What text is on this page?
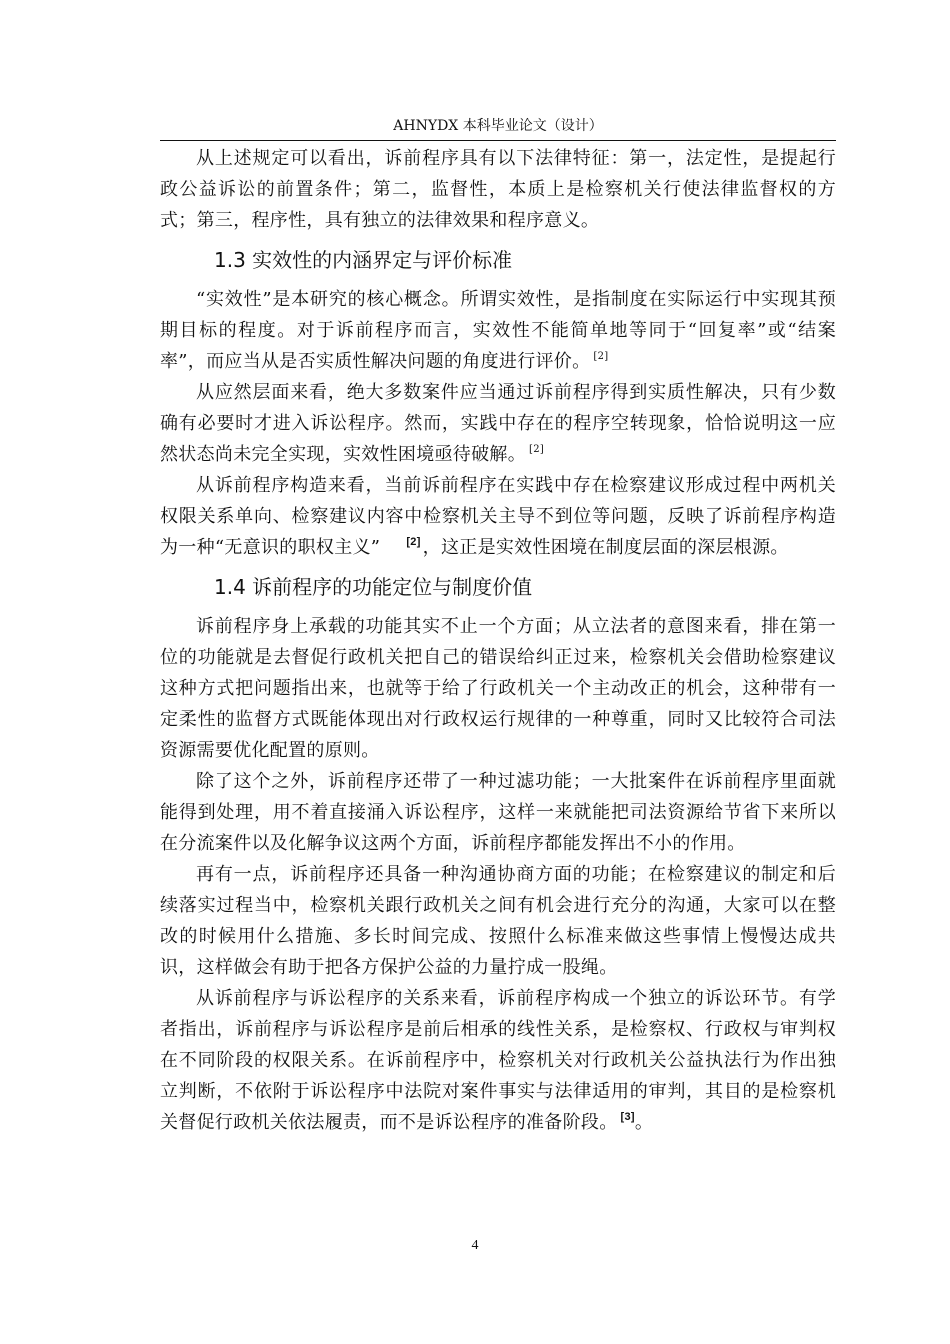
AHNYDX 本科毕业论文（设计）

从上述规定可以看出，诉前程序具有以下法律特征：第一，法定性，是提起行政公益诉讼的前置条件；第二，监督性，本质上是检察机关行使法律监督权的方式；第三，程序性，具有独立的法律效果和程序意义。

1.3 实效性的内涵界定与评价标准

“实效性”是本研究的核心概念。所谓实效性，是指制度在实际运行中实现其预期目标的程度。对于诉前程序而言，实效性不能简单地等同于“回复率”或“结案率”，而应当从是否实质性解决问题的角度进行评价。 [2]

从应然层面来看，绝大多数案件应当通过诉前程序得到实质性解决，只有少数确有必要时才进入诉讼程序。然而，实践中存在的程序空转现象，恰恰说明这一应然状态尚未完全实现，实效性困境亟待破解。 [2]

从诉前程序构造来看，当前诉前程序在实践中存在检察建议形成过程中两机关权限关系单向、检察建议内容中检察机关主导不到位等问题，反映了诉前程序构造为一种“无意识的职权主义” [2] ，这正是实效性困境在制度层面的深层根源。

1.4 诉前程序的功能定位与制度价值

诉前程序身上承载的功能其实不止一个方面；从立法者的意图来看，排在第一位的功能就是去督促行政机关把自己的错误给纠正过来，检察机关会借助检察建议这种方式把问题指出来，也就等于给了行政机关一个主动改正的机会，这种带有一定柔性的监督方式既能体现出对行政权运行规律的一种尊重，同时又比较符合司法资源需要优化配置的原则。

除了这个之外，诉前程序还带了一种过滤功能；一大批案件在诉前程序里面就能得到处理，用不着直接涌入诉讼程序，这样一来就能把司法资源给节省下来所以在分流案件以及化解争议这两个方面，诉前程序都能发挥出不小的作用。

再有一点，诉前程序还具备一种沟通协商方面的功能；在检察建议的制定和后续落实过程当中，检察机关跟行政机关之间有机会进行充分的沟通，大家可以在整改的时候用什么措施、多长时间完成、按照什么标准来做这些事情上慢慢达成共识，这样做会有助于把各方保护公益的力量拧成一股绳。

从诉前程序与诉讼程序的关系来看，诉前程序构成一个独立的诉讼环节。有学者指出，诉前程序与诉讼程序是前后相承的线性关系，是检察权、行政权与审判权在不同阶段的权限关系。在诉前程序中，检察机关对行政机关公益执法行为作出独立判断，不依附于诉讼程序中法院对案件事实与法律适用的审判，其目的是检察机关督促行政机关依法履责，而不是诉讼程序的准备阶段。 [3]。

4
